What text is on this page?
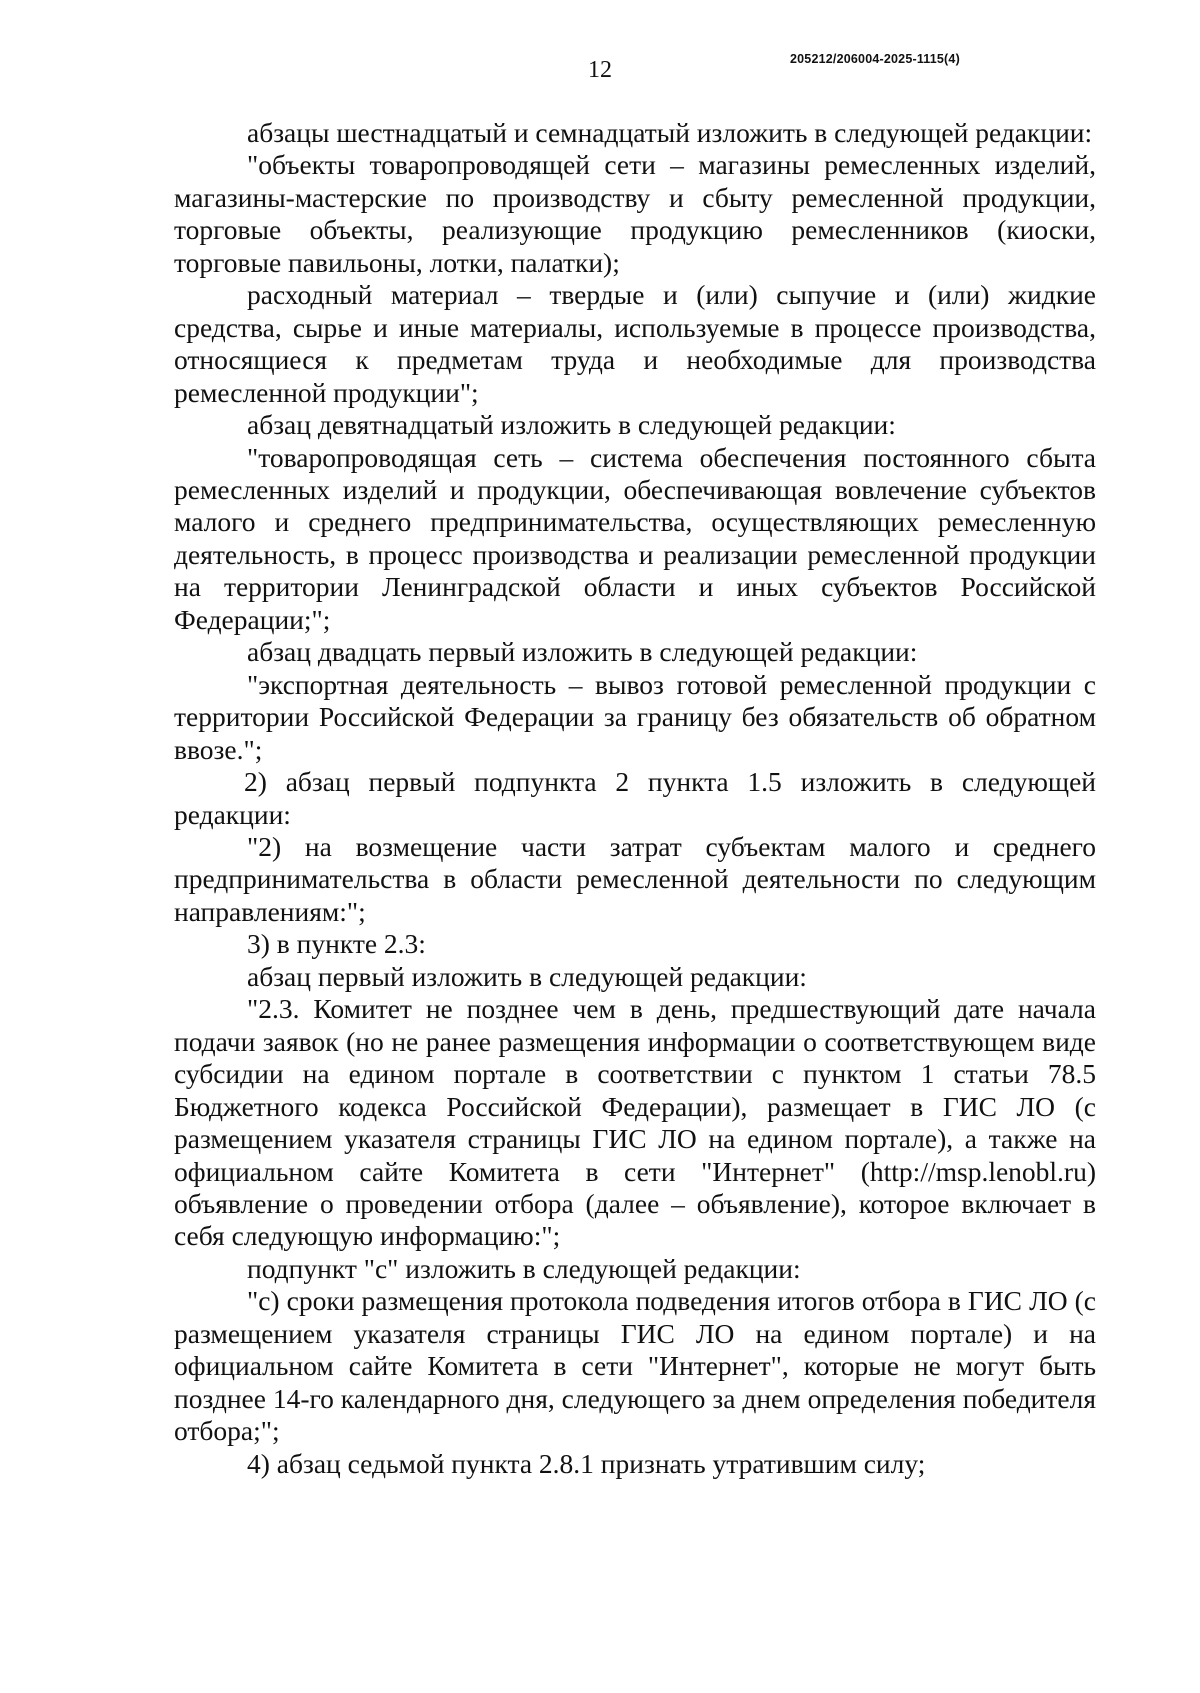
12	205212/206004-2025-1115(4)

абзацы шестнадцатый и семнадцатый изложить в следующей редакции:

"объекты товаропроводящей сети – магазины ремесленных изделий, магазины-мастерские по производству и сбыту ремесленной продукции, торговые объекты, реализующие продукцию ремесленников (киоски, торговые павильоны, лотки, палатки);

расходный материал – твердые и (или) сыпучие и (или) жидкие средства, сырье и иные материалы, используемые в процессе производства, относящиеся к предметам труда и необходимые для производства ремесленной продукции";

абзац девятнадцатый изложить в следующей редакции:

"товаропроводящая сеть – система обеспечения постоянного сбыта ремесленных изделий и продукции, обеспечивающая вовлечение субъектов малого и среднего предпринимательства, осуществляющих ремесленную деятельность, в процесс производства и реализации ремесленной продукции на территории Ленинградской области и иных субъектов Российской Федерации;";

абзац двадцать первый изложить в следующей редакции:

"экспортная деятельность – вывоз готовой ремесленной продукции с территории Российской Федерации за границу без обязательств об обратном ввозе.";

2) абзац первый подпункта 2 пункта 1.5 изложить в следующей редакции:

"2) на возмещение части затрат субъектам малого и среднего предпринимательства в области ремесленной деятельности по следующим направлениям:";

3) в пункте 2.3:

абзац первый изложить в следующей редакции:

"2.3. Комитет не позднее чем в день, предшествующий дате начала подачи заявок (но не ранее размещения информации о соответствующем виде субсидии на едином портале в соответствии с пунктом 1 статьи 78.5 Бюджетного кодекса Российской Федерации), размещает в ГИС ЛО (с размещением указателя страницы ГИС ЛО на едином портале), а также на официальном сайте Комитета в сети "Интернет" (http://msp.lenobl.ru) объявление о проведении отбора (далее – объявление), которое включает в себя следующую информацию:";

подпункт "с" изложить в следующей редакции:

"с) сроки размещения протокола подведения итогов отбора в ГИС ЛО (с размещением указателя страницы ГИС ЛО на едином портале) и на официальном сайте Комитета в сети "Интернет", которые не могут быть позднее 14-го календарного дня, следующего за днем определения победителя отбора;";

4) абзац седьмой пункта 2.8.1 признать утратившим силу;
